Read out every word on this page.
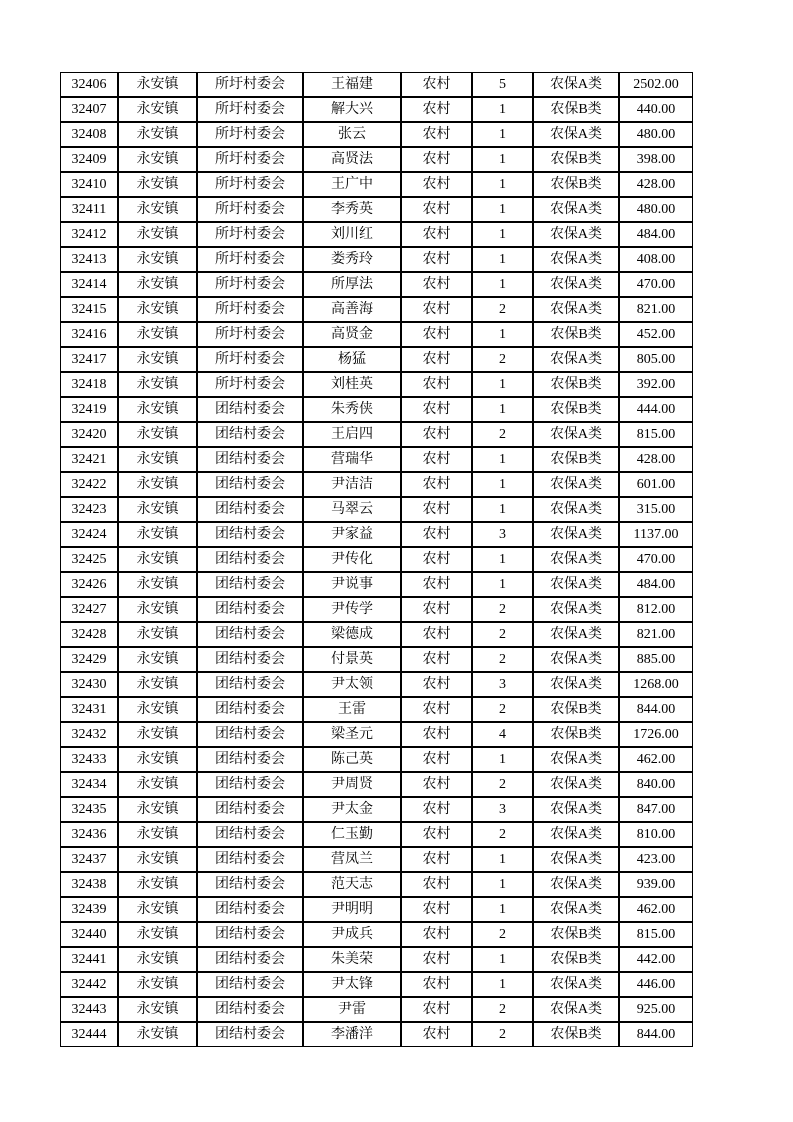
32406	永安镇	所圩村委会	王福建	农村	5	农保A类	2502.00
32407	永安镇	所圩村委会	解大兴	农村	1	农保B类	440.00
32408	永安镇	所圩村委会	张云	农村	1	农保A类	480.00
32409	永安镇	所圩村委会	高贤法	农村	1	农保B类	398.00
32410	永安镇	所圩村委会	王广中	农村	1	农保B类	428.00
32411	永安镇	所圩村委会	李秀英	农村	1	农保A类	480.00
32412	永安镇	所圩村委会	刘川红	农村	1	农保A类	484.00
32413	永安镇	所圩村委会	娄秀玲	农村	1	农保A类	408.00
32414	永安镇	所圩村委会	所厚法	农村	1	农保A类	470.00
32415	永安镇	所圩村委会	高善海	农村	2	农保A类	821.00
32416	永安镇	所圩村委会	高贤金	农村	1	农保B类	452.00
32417	永安镇	所圩村委会	杨猛	农村	2	农保A类	805.00
32418	永安镇	所圩村委会	刘桂英	农村	1	农保B类	392.00
32419	永安镇	团结村委会	朱秀侠	农村	1	农保B类	444.00
32420	永安镇	团结村委会	王启四	农村	2	农保A类	815.00
32421	永安镇	团结村委会	营瑞华	农村	1	农保B类	428.00
32422	永安镇	团结村委会	尹洁洁	农村	1	农保A类	601.00
32423	永安镇	团结村委会	马翠云	农村	1	农保A类	315.00
32424	永安镇	团结村委会	尹家益	农村	3	农保A类	1137.00
32425	永安镇	团结村委会	尹传化	农村	1	农保A类	470.00
32426	永安镇	团结村委会	尹说事	农村	1	农保A类	484.00
32427	永安镇	团结村委会	尹传学	农村	2	农保A类	812.00
32428	永安镇	团结村委会	梁德成	农村	2	农保A类	821.00
32429	永安镇	团结村委会	付景英	农村	2	农保A类	885.00
32430	永安镇	团结村委会	尹太领	农村	3	农保A类	1268.00
32431	永安镇	团结村委会	王雷	农村	2	农保B类	844.00
32432	永安镇	团结村委会	梁圣元	农村	4	农保B类	1726.00
32433	永安镇	团结村委会	陈己英	农村	1	农保A类	462.00
32434	永安镇	团结村委会	尹周贤	农村	2	农保A类	840.00
32435	永安镇	团结村委会	尹太金	农村	3	农保A类	847.00
32436	永安镇	团结村委会	仁玉勤	农村	2	农保A类	810.00
32437	永安镇	团结村委会	营凤兰	农村	1	农保A类	423.00
32438	永安镇	团结村委会	范天志	农村	1	农保A类	939.00
32439	永安镇	团结村委会	尹明明	农村	1	农保A类	462.00
32440	永安镇	团结村委会	尹成兵	农村	2	农保B类	815.00
32441	永安镇	团结村委会	朱美荣	农村	1	农保B类	442.00
32442	永安镇	团结村委会	尹太锋	农村	1	农保A类	446.00
32443	永安镇	团结村委会	尹雷	农村	2	农保A类	925.00
32444	永安镇	团结村委会	李潘洋	农村	2	农保B类	844.00
